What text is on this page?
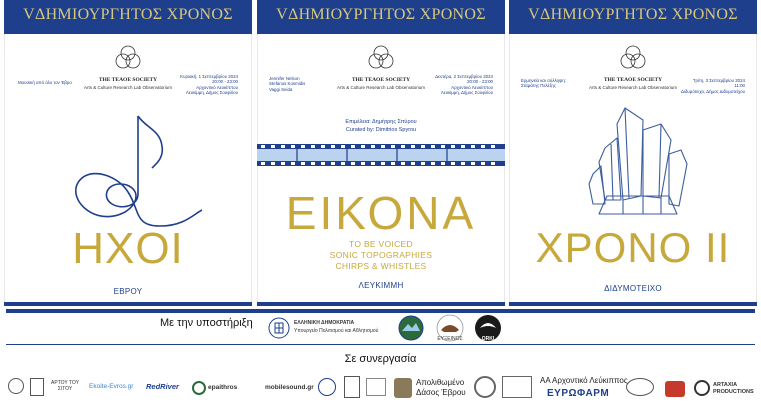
VΔΗΜΙΟΥΡΓΗΤΟΣ ΧΡΟΝΟΣ
THE TEAOE SOCIETY
Arts & Culture Research Lab Observatorium
Μουσική από όλο τον Έβρο
Κυριακή, 1 Σεπτεμβρίου 2024
20:00 - 23:00
Αρχοντικό Λευκίππου
Λευκίμμη, Δήμος Σουφλίου
ΗΧΟΙ
ΕΒΡΟΥ
VΔΗΜΙΟΥΡΓΗΤΟΣ ΧΡΟΝΟΣ
THE TEAOE SOCIETY
Arts & Culture Research Lab Observatorium
Jennifer Nelson
Stefanos Kosmidis
Vaggi Seida
Δευτέρα, 2 Σεπτεμβρίου 2024
20:00 - 23:00
Αρχοντικό Λευκίππου
Λευκίμμη, Δήμος Σουφλίου
Επιμέλεια: Δημήτρης Σπύρου
Curated by: Dimitrios Spyrou
ΕΙΚΟΝΑ
TO BE VOICED
SONIC TOPOGRAPHIES
CHIRPS & WHISTLES
ΛΕΥΚΙΜΜΗ
VΔΗΜΙΟΥΡΓΗΤΟΣ ΧΡΟΝΟΣ
THE TEAOE SOCIETY
Arts & Culture Research Lab Observatorium
Ερμηνεία και σύλληψη:
Σταμάτης Πελέζης
Τρίτη, 3 Σεπτεμβρίου 2024
11:00
Διδυμότειχο, Δήμος Διδυμοτείχου
ΧΡΟΝΟ ΙΙ
ΔΙΔΥΜΟΤΕΙΧΟ
Με την υποστήριξη	ΕΛΛΗΝΙΚΗ ΔΗΜΟΚΡΑΤΙΑ
Υπουργείο Πολιτισμού και Αθλητισμού
ΕΥΞΕΙΝΟΣ	ORKI
Σε συνεργασία
ΑΡΤΟΥ ΤΟΥ ΣΙΤΟΥ	Ekoite-Evros.gr RedRiver	epaithros	mobilesound.gr
Απολιθωμένο Δάσος Έβρου
ΑΑ Αρχοντικό Λεύκιππος
ΕΥΡΩΦΑΡΜ
ARTAXIA PRODUCTIONS
